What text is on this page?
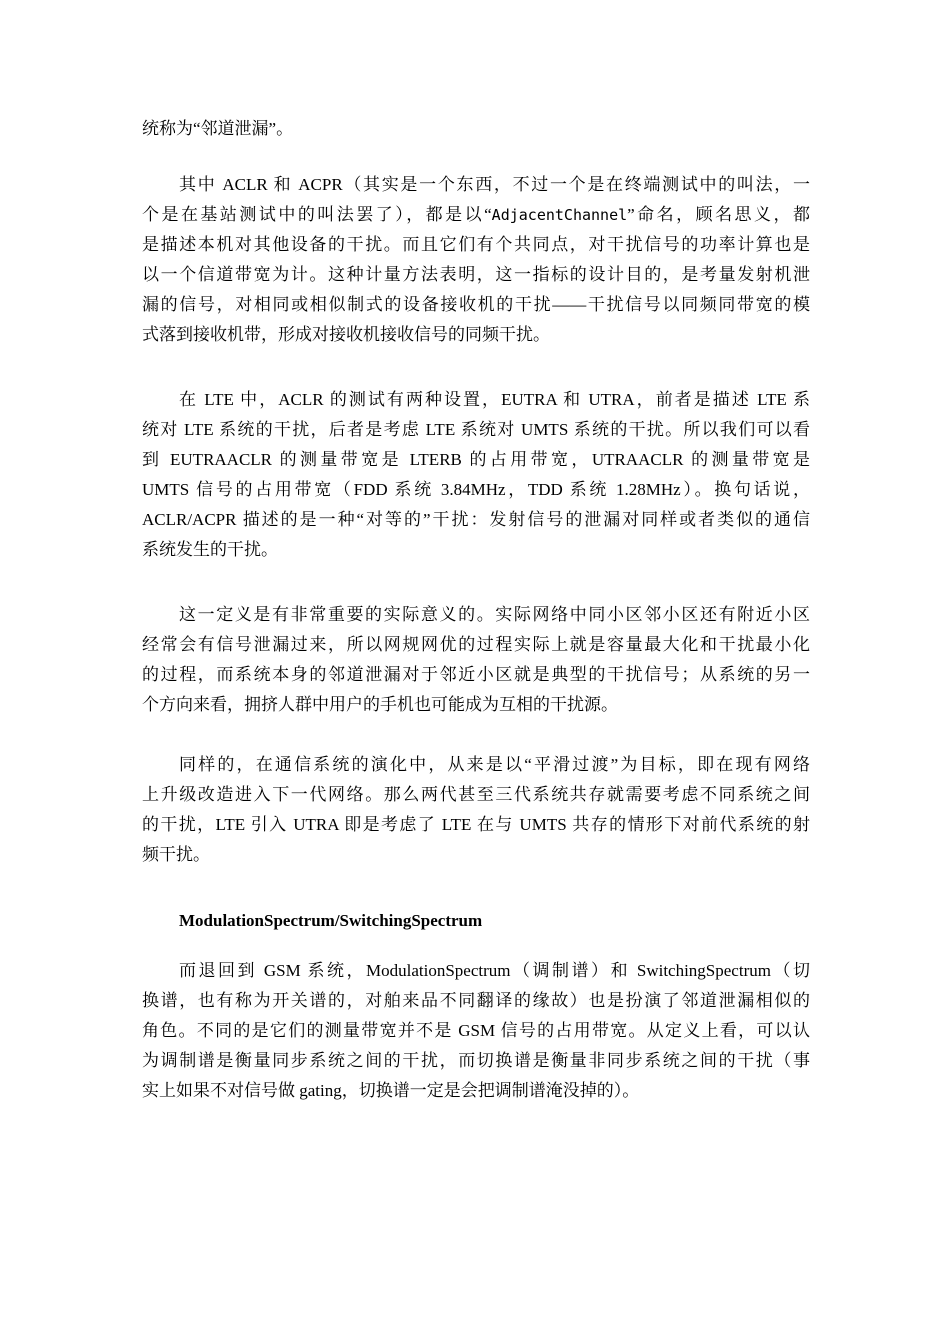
统称为“邻道泄漏”。

其中 ACLR 和 ACPR（其实是一个东西，不过一个是在终端测试中的叫法，一
个是在基站测试中的叫法罢了），都是以“AdjacentChannel”命名，顾名思义，都
是描述本机对其他设备的干扰。而且它们有个共同点，对干扰信号的功率计算也是
以一个信道带宽为计。这种计量方法表明，这一指标的设计目的，是考量发射机泄
漏的信号，对相同或相似制式的设备接收机的干扰——干扰信号以同频同带宽的模
式落到接收机带，形成对接收机接收信号的同频干扰。

在 LTE 中，ACLR 的测试有两种设置，EUTRA 和 UTRA，前者是描述 LTE 系
统对 LTE 系统的干扰，后者是考虑 LTE 系统对 UMTS 系统的干扰。所以我们可以看
到 EUTRAACLR 的测量带宽是 LTERB 的占用带宽，UTRAACLR 的测量带宽是
UMTS 信号的占用带宽（FDD 系统 3.84MHz，TDD 系统 1.28MHz）。换句话说，
ACLR/ACPR 描述的是一种“对等的”干扰：发射信号的泄漏对同样或者类似的通信
系统发生的干扰。

这一定义是有非常重要的实际意义的。实际网络中同小区邻小区还有附近小区
经常会有信号泄漏过来，所以网规网优的过程实际上就是容量最大化和干扰最小化
的过程，而系统本身的邻道泄漏对于邻近小区就是典型的干扰信号；从系统的另一
个方向来看，拥挤人群中用户的手机也可能成为互相的干扰源。

同样的，在通信系统的演化中，从来是以“平滑过渡”为目标，即在现有网络
上升级改造进入下一代网络。那么两代甚至三代系统共存就需要考虑不同系统之间
的干扰，LTE 引入 UTRA 即是考虑了 LTE 在与 UMTS 共存的情形下对前代系统的射
频干扰。

ModulationSpectrum/SwitchingSpectrum

而退回到 GSM 系统，ModulationSpectrum（调制谱）和 SwitchingSpectrum（切
换谱，也有称为开关谱的，对舶来品不同翻译的缘故）也是扮演了邻道泄漏相似的
角色。不同的是它们的测量带宽并不是 GSM 信号的占用带宽。从定义上看，可以认
为调制谱是衡量同步系统之间的干扰，而切换谱是衡量非同步系统之间的干扰（事
实上如果不对信号做 gating，切换谱一定是会把调制谱淹没掉的）。
